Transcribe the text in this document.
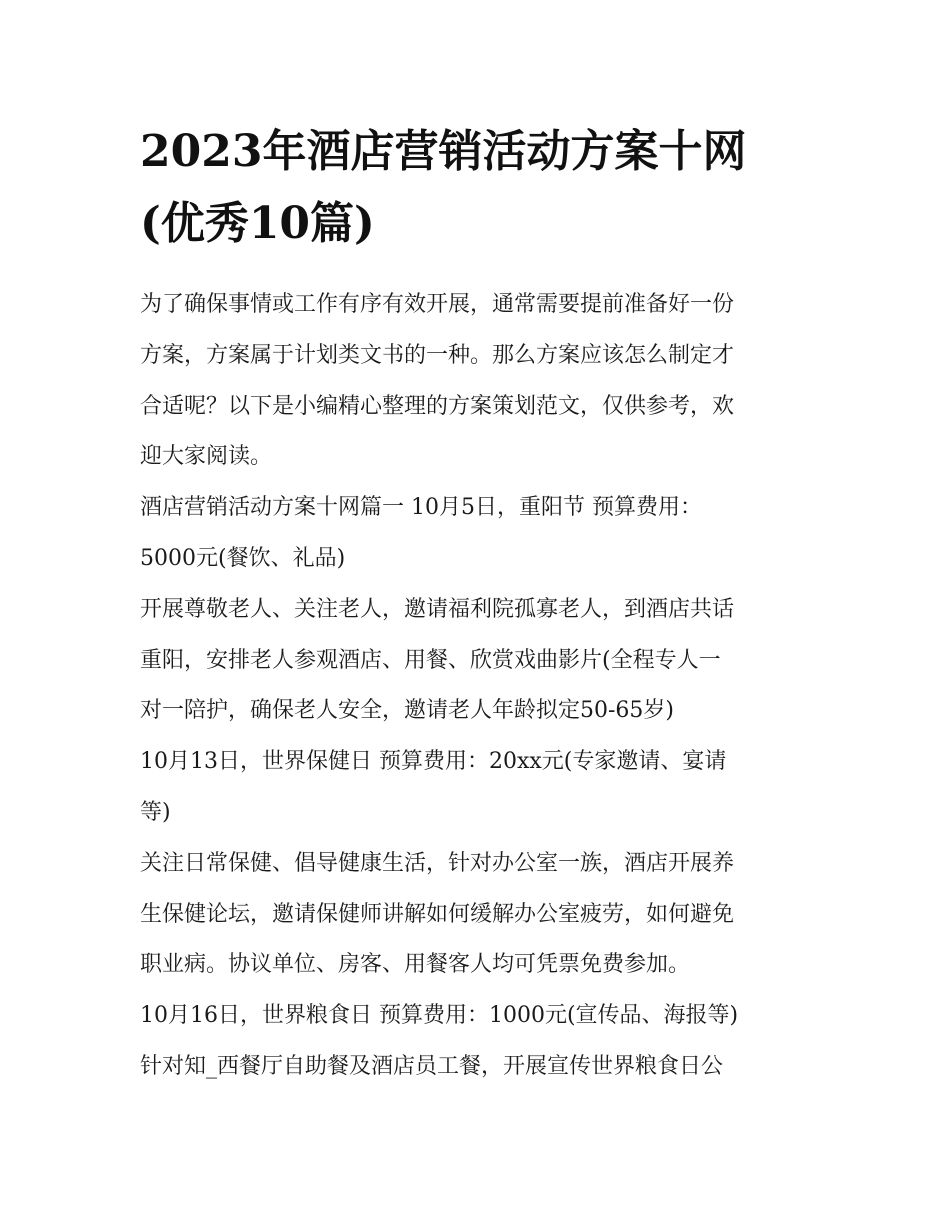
2023年酒店营销活动方案十网
(优秀10篇)
为了确保事情或工作有序有效开展，通常需要提前准备好一份
方案，方案属于计划类文书的一种。那么方案应该怎么制定才
合适呢？以下是小编精心整理的方案策划范文，仅供参考，欢
迎大家阅读。
酒店营销活动方案十网篇一 10月5日，重阳节 预算费用：
5000元(餐饮、礼品)
开展尊敬老人、关注老人，邀请福利院孤寡老人，到酒店共话
重阳，安排老人参观酒店、用餐、欣赏戏曲影片(全程专人一
对一陪护，确保老人安全，邀请老人年龄拟定50-65岁)
10月13日，世界保健日 预算费用：20xx元(专家邀请、宴请
等)
关注日常保健、倡导健康生活，针对办公室一族，酒店开展养
生保健论坛，邀请保健师讲解如何缓解办公室疲劳，如何避免
职业病。协议单位、房客、用餐客人均可凭票免费参加。
10月16日，世界粮食日 预算费用：1000元(宣传品、海报等)
针对知_西餐厅自助餐及酒店员工餐，开展宣传世界粮食日公
